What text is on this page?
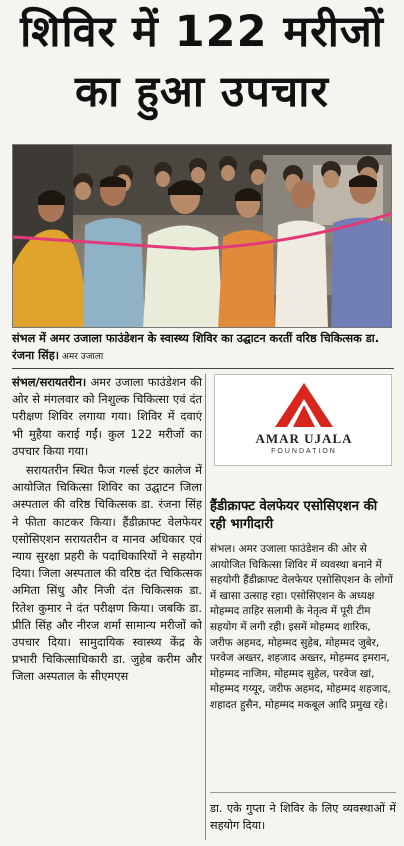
शिविर में 122 मरीजों
का हुआ उपचार
संभल में अमर उजाला फाउंडेशन के स्वास्थ्य शिविर का उद्घाटन करतीं वरिष्ठ चिकित्सक डा. रंजना सिंह। अमर उजाला

संभल/सरायतरीन। अमर उजाला फाउंडेशन की ओर से मंगलवार को निशुल्क चिकित्सा एवं दंत परीक्षण शिविर लगाया गया। शिविर में दवाएं भी मुहैया कराई गईं। कुल 122 मरीजों का उपचार किया गया।

सरायतरीन स्थित फैज गर्ल्स इंटर कालेज में आयोजित चिकित्सा शिविर का उद्घाटन जिला अस्पताल की वरिष्ठ चिकित्सक डा. रंजना सिंह ने फीता काटकर किया। हैंडीक्राफ्ट वेलफेयर एसोसिएशन सरायतरीन व मानव अधिकार एवं न्याय सुरक्षा प्रहरी के पदाधिकारियों ने सहयोग दिया। जिला अस्पताल की वरिष्ठ दंत चिकित्सक अमिता सिंधु और निजी दंत चिकित्सक डा. रितेश कुमार ने दंत परीक्षण किया। जबकि डा. प्रीति सिंह और नीरज शर्मा सामान्य मरीजों को उपचार दिया। सामुदायिक स्वास्थ्य केंद्र के प्रभारी चिकित्साधिकारी डा. जुहेब करीम और जिला अस्पताल के सीएमएस

AMAR UJALA
FOUNDATION
हैंडीक्राफ्ट वेलफेयर एसोसिएशन की रही भागीदारी
संभल। अमर उजाला फाउंडेशन की ओर से आयोजित चिकित्सा शिविर में व्यवस्था बनाने में सहयोगी हैंडीक्राफ्ट वेलफेयर एसोसिएशन के लोगों में खासा उत्साह रहा। एसोसिएशन के अध्यक्ष मोहम्मद ताहिर सलामी के नेतृत्व में पूरी टीम सहयोग में लगी रही। इसमें मोहम्मद शारिक, जरीफ अहमद, मोहम्मद सुहेब, मोहम्मद जुबेर, परवेज अख्तर, शहजाद अख्तर, मोहम्मद इमरान, मोहम्मद नाजिम, मोहम्मद सुहेल, परवेज खां, मोहम्मद गय्यूर, जरीफ अहमद, मोहम्मद शहजाद, शहादत हुसैन, मोहम्मद मकबूल आदि प्रमुख रहे।
डा. एके गुप्ता ने शिविर के लिए व्यवस्थाओं में सहयोग दिया।
